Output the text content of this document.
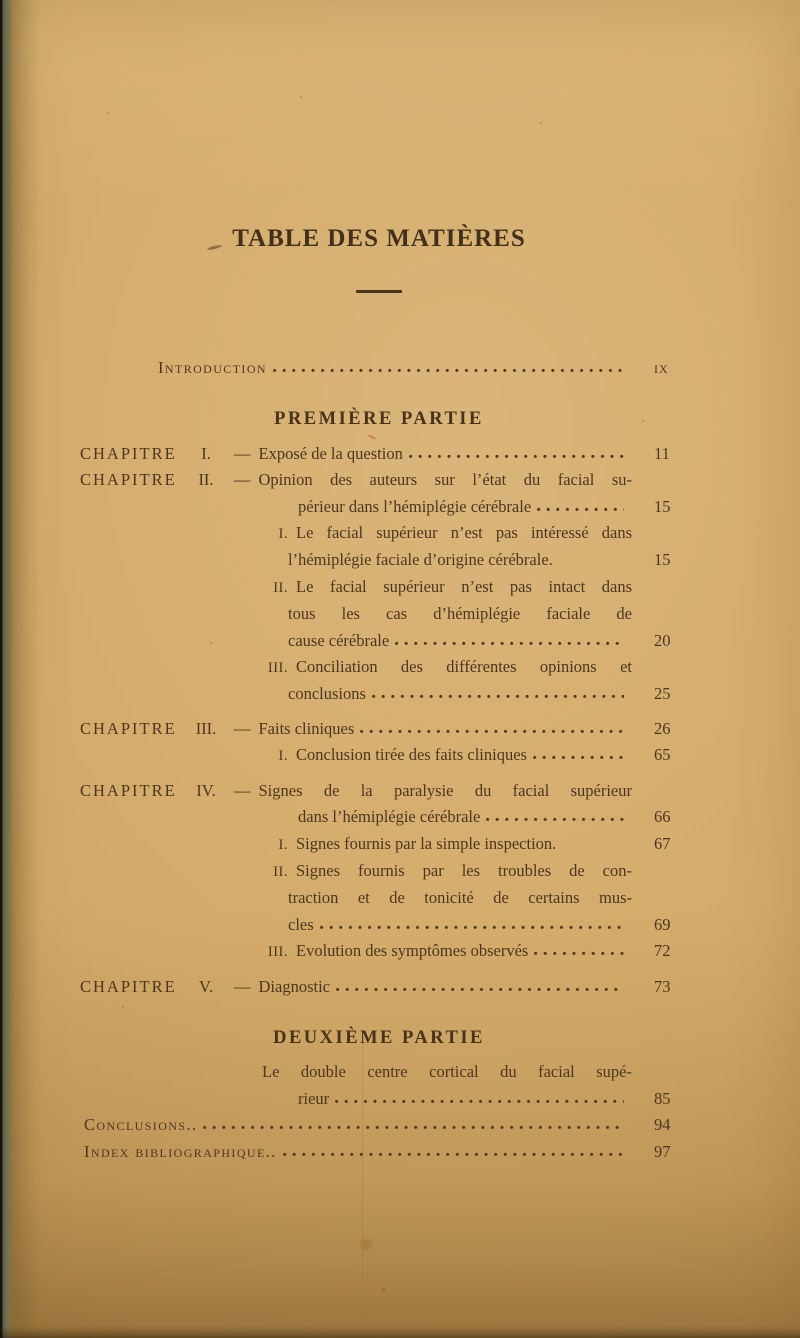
TABLE DES MATIÈRES
Introduction	ix
PREMIÈRE PARTIE
CHAPITRE	I.	— Exposé de la question	11
CHAPITRE	II.	— Opinion des auteurs sur l’état du facial su-
périeur dans l’hémiplégie cérébrale	15
I. Le facial supérieur n’est pas intéressé dans
l’hémiplégie faciale d’origine cérébrale.	15
II. Le facial supérieur n’est pas intact dans
tous les cas d’hémiplégie faciale de
cause cérébrale	20
III. Conciliation des différentes opinions et
conclusions	25
CHAPITRE	III.	— Faits cliniques	26
I. Conclusion tirée des faits cliniques	65
CHAPITRE	IV.	— Signes de la paralysie du facial supérieur
dans l’hémiplégie cérébrale	66
I. Signes fournis par la simple inspection.	67
II. Signes fournis par les troubles de con-
traction et de tonicité de certains mus-
cles	69
III. Evolution des symptômes observés	72
CHAPITRE	V.	— Diagnostic	73
DEUXIÈME PARTIE
Le double centre cortical du facial supé-
rieur	85
Conclusions..	94
Index bibliographique..	97
